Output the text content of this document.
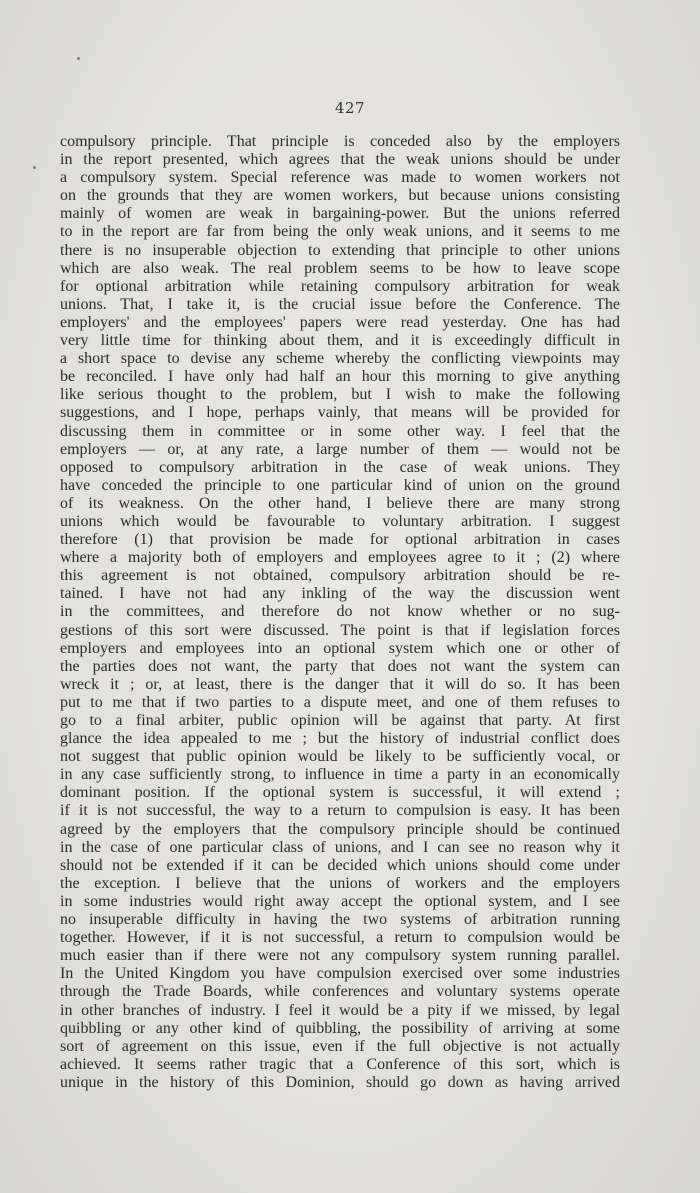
427
compulsory principle. That principle is conceded also by the employers
in the report presented, which agrees that the weak unions should be under
a compulsory system. Special reference was made to women workers not
on the grounds that they are women workers, but because unions consisting
mainly of women are weak in bargaining-power. But the unions referred
to in the report are far from being the only weak unions, and it seems to me
there is no insuperable objection to extending that principle to other unions
which are also weak. The real problem seems to be how to leave scope
for optional arbitration while retaining compulsory arbitration for weak
unions. That, I take it, is the crucial issue before the Conference. The
employers' and the employees' papers were read yesterday. One has had
very little time for thinking about them, and it is exceedingly difficult in
a short space to devise any scheme whereby the conflicting viewpoints may
be reconciled. I have only had half an hour this morning to give anything
like serious thought to the problem, but I wish to make the following
suggestions, and I hope, perhaps vainly, that means will be provided for
discussing them in committee or in some other way. I feel that the
employers — or, at any rate, a large number of them — would not be
opposed to compulsory arbitration in the case of weak unions. They
have conceded the principle to one particular kind of union on the ground
of its weakness. On the other hand, I believe there are many strong
unions which would be favourable to voluntary arbitration. I suggest
therefore (1) that provision be made for optional arbitration in cases
where a majority both of employers and employees agree to it ; (2) where
this agreement is not obtained, compulsory arbitration should be re-
tained. I have not had any inkling of the way the discussion went
in the committees, and therefore do not know whether or no sug-
gestions of this sort were discussed. The point is that if legislation forces
employers and employees into an optional system which one or other of
the parties does not want, the party that does not want the system can
wreck it ; or, at least, there is the danger that it will do so. It has been
put to me that if two parties to a dispute meet, and one of them refuses to
go to a final arbiter, public opinion will be against that party. At first
glance the idea appealed to me ; but the history of industrial conflict does
not suggest that public opinion would be likely to be sufficiently vocal, or
in any case sufficiently strong, to influence in time a party in an economically
dominant position. If the optional system is successful, it will extend ;
if it is not successful, the way to a return to compulsion is easy. It has been
agreed by the employers that the compulsory principle should be continued
in the case of one particular class of unions, and I can see no reason why it
should not be extended if it can be decided which unions should come under
the exception. I believe that the unions of workers and the employers
in some industries would right away accept the optional system, and I see
no insuperable difficulty in having the two systems of arbitration running
together. However, if it is not successful, a return to compulsion would be
much easier than if there were not any compulsory system running parallel.
In the United Kingdom you have compulsion exercised over some industries
through the Trade Boards, while conferences and voluntary systems operate
in other branches of industry. I feel it would be a pity if we missed, by legal
quibbling or any other kind of quibbling, the possibility of arriving at some
sort of agreement on this issue, even if the full objective is not actually
achieved. It seems rather tragic that a Conference of this sort, which is
unique in the history of this Dominion, should go down as having arrived
